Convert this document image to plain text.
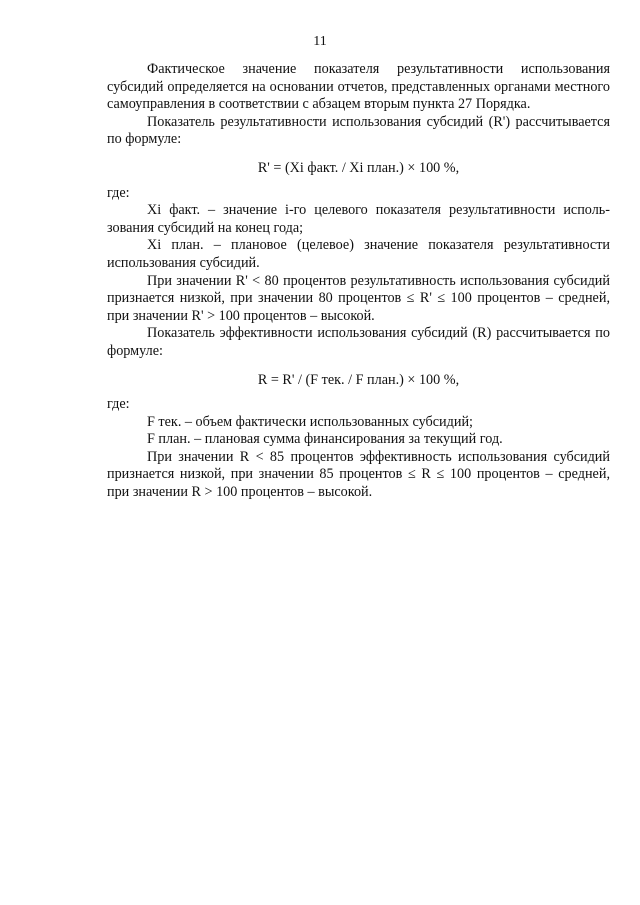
11

Фактическое значение показателя результативности использования субсидий определяется на основании отчетов, представленных органами местного самоуправления в соответствии с абзацем вторым пункта 27 Порядка.

Показатель результативности использования субсидий (R') рассчитывается по формуле:

R' = (Xi факт. / Xi план.) × 100 %,

где:

Xi факт. – значение i-го целевого показателя результативности использования субсидий на конец года;

Xi план. – плановое (целевое) значение показателя результативности использования субсидий.

При значении R' < 80 процентов результативность использования субсидий признается низкой, при значении 80 процентов ≤ R' ≤ 100 процентов – средней, при значении R' > 100 процентов – высокой.

Показатель эффективности использования субсидий (R) рассчитывается по формуле:

R = R' / (F тек. / F план.) × 100 %,

где:

F тек. – объем фактически использованных субсидий;

F план. – плановая сумма финансирования за текущий год.

При значении R < 85 процентов эффективность использования субсидий признается низкой, при значении 85 процентов ≤ R ≤ 100 процентов – средней, при значении R > 100 процентов – высокой.
